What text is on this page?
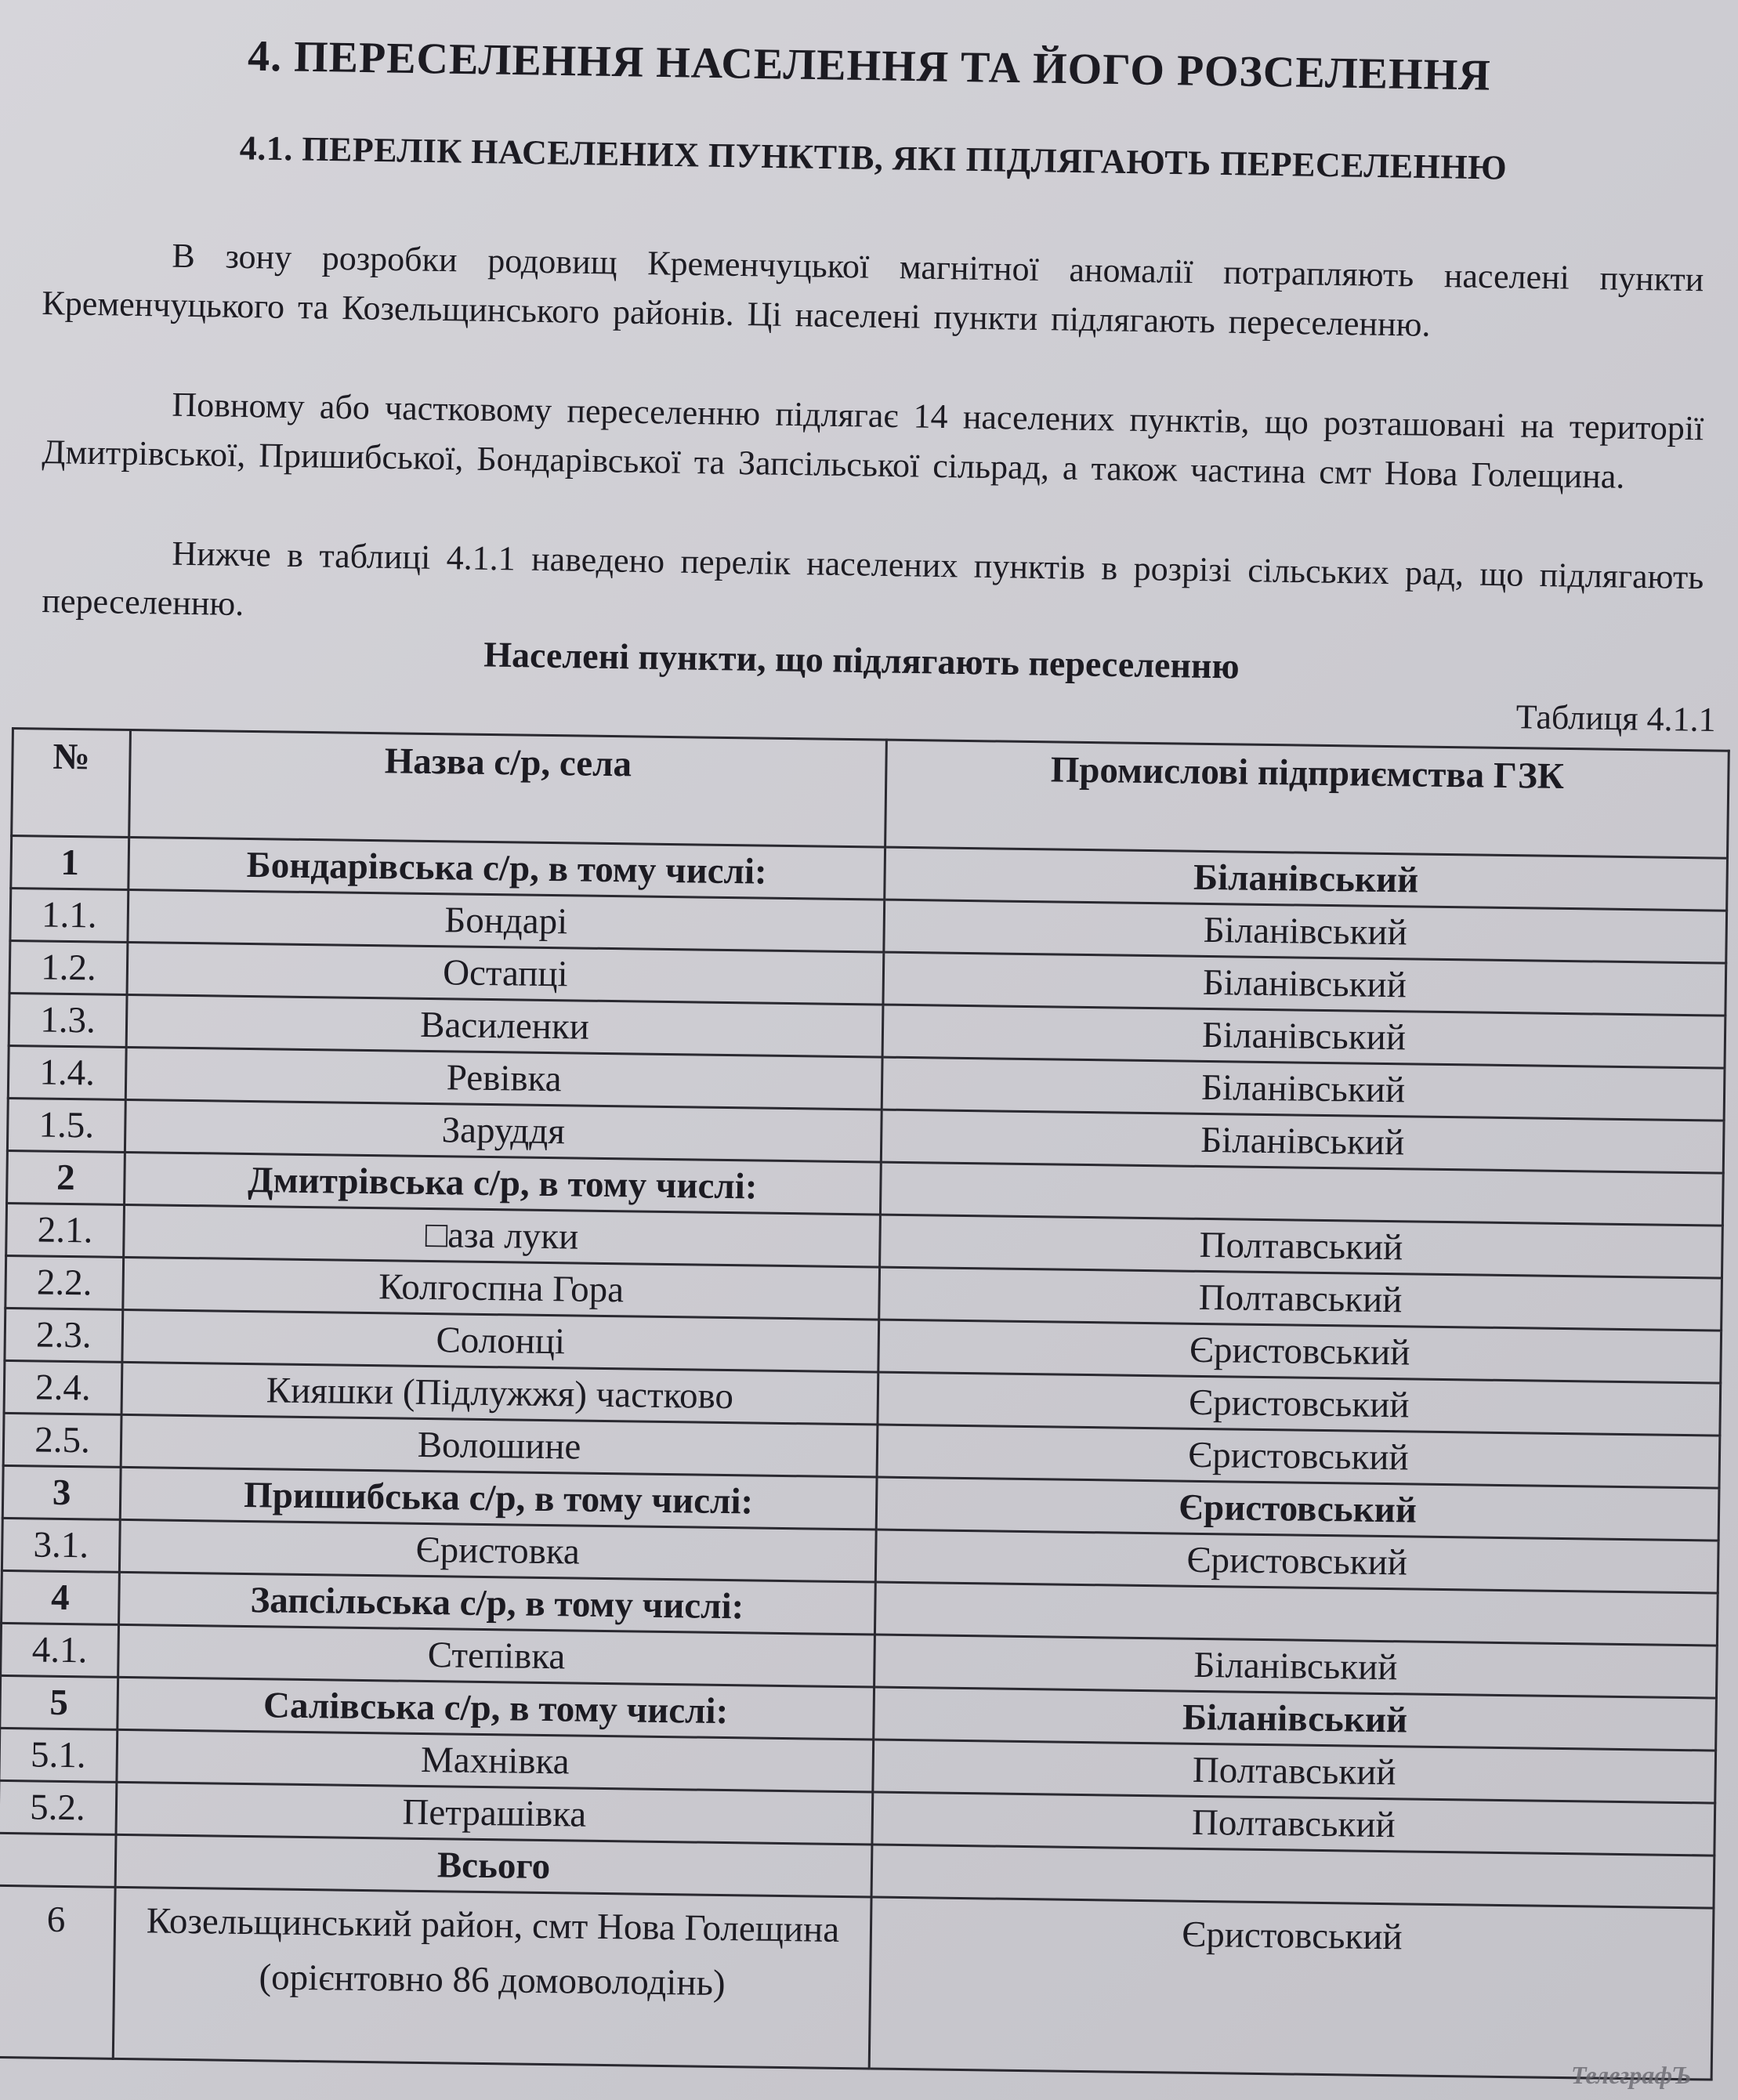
4. ПЕРЕСЕЛЕННЯ НАСЕЛЕННЯ ТА ЙОГО РОЗСЕЛЕННЯ
4.1. ПЕРЕЛІК НАСЕЛЕНИХ ПУНКТІВ, ЯКІ ПІДЛЯГАЮТЬ ПЕРЕСЕЛЕННЮ
В зону розробки родовищ Кременчуцької магнітної аномалії потрапляють населені пункти Кременчуцького та Козельщинського районів. Ці населені пункти підлягають переселенню.
Повному або частковому переселенню підлягає 14 населених пунктів, що розташовані на території Дмитрівської, Пришибської, Бондарівської та Запсільської сільрад, а також частина смт Нова Голещина.
Нижче в таблиці 4.1.1 наведено перелік населених пунктів в розрізі сільських рад, що підлягають переселенню.
Населені пункти, що підлягають переселенню
Таблиця 4.1.1
№	Назва с/р, села	Промислові підприємства ГЗК
1	Бондарівська с/р, в тому числі:	Біланівський
1.1.	Бондарі	Біланівський
1.2.	Остапці	Біланівський
1.3.	Василенки	Біланівський
1.4.	Ревівка	Біланівський
1.5.	Заруддя	Біланівський
2	Дмитрівська с/р, в тому числі:	
2.1.	□аза луки	Полтавський
2.2.	Колгоспна Гора	Полтавський
2.3.	Солонці	Єристовський
2.4.	Кияшки (Підлужжя) частково	Єристовський
2.5.	Волошине	Єристовський
3	Пришибська с/р, в тому числі:	Єристовський
3.1.	Єристовка	Єристовський
4	Запсільська с/р, в тому числі:	
4.1.	Степівка	Біланівський
5	Салівська с/р, в тому числі:	Біланівський
5.1.	Махнівка	Полтавський
5.2.	Петрашівка	Полтавський
	Всього	
6	Козельщинський район, смт Нова Голещина (орієнтовно 86 домоволодінь)	Єристовський
ТелеграфЪ
